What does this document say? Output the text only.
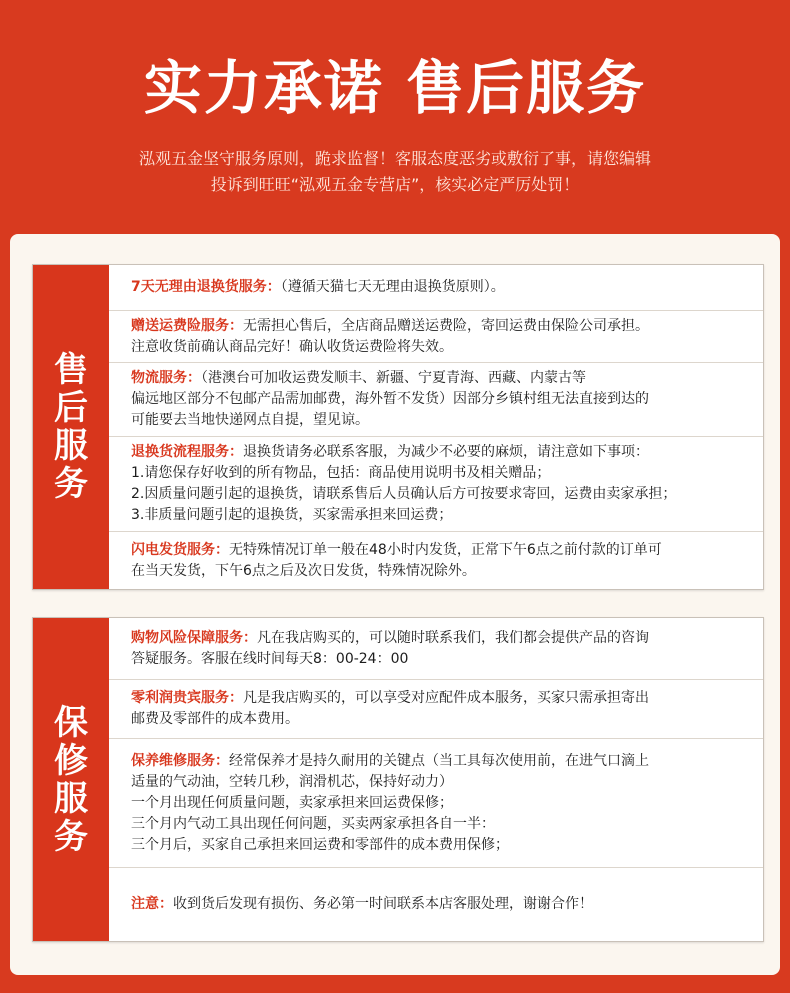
实力承诺 售后服务
泓观五金坚守服务原则，跪求监督！客服态度恶劣或敷衍了事，请您编辑
投诉到旺旺“泓观五金专营店”，核实必定严厉处罚！
售后服务
7天无理由退换货服务：（遵循天猫七天无理由退换货原则）。
赠送运费险服务：无需担心售后，全店商品赠送运费险，寄回运费由保险公司承担。
注意收货前确认商品完好！确认收货运费险将失效。
物流服务：（港澳台可加收运费发顺丰、新疆、宁夏青海、西藏、内蒙古等
偏远地区部分不包邮产品需加邮费，海外暂不发货）因部分乡镇村组无法直接到达的
可能要去当地快递网点自提，望见谅。
退换货流程服务：退换货请务必联系客服，为减少不必要的麻烦，请注意如下事项：
1.请您保存好收到的所有物品，包括：商品使用说明书及相关赠品；
2.因质量问题引起的退换货，请联系售后人员确认后方可按要求寄回，运费由卖家承担；
3.非质量问题引起的退换货，买家需承担来回运费；
闪电发货服务：无特殊情况订单一般在48小时内发货，正常下午6点之前付款的订单可
在当天发货，下午6点之后及次日发货，特殊情况除外。
保修服务
购物风险保障服务：凡在我店购买的，可以随时联系我们，我们都会提供产品的咨询
答疑服务。客服在线时间每天8：00-24：00
零利润贵宾服务：凡是我店购买的，可以享受对应配件成本服务，买家只需承担寄出
邮费及零部件的成本费用。
保养维修服务：经常保养才是持久耐用的关键点（当工具每次使用前，在进气口滴上
适量的气动油，空转几秒，润滑机芯，保持好动力）
一个月出现任何质量问题，卖家承担来回运费保修；
三个月内气动工具出现任何问题，买卖两家承担各自一半：
三个月后，买家自己承担来回运费和零部件的成本费用保修；
注意：收到货后发现有损伤、务必第一时间联系本店客服处理，谢谢合作！
